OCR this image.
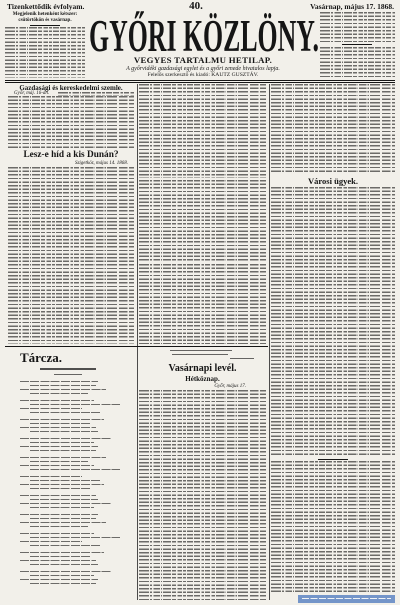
Tizenkettődik évfolyam.	40.	Vasárnap, május 17. 1868.
Megjelenik hetenként kétszer:
csütörtökön és vasárnap. GYŐRI KÖZLÖNY.
VEGYES TARTALMU HETILAP.
A győrvidéki gazdasági egylet és a győri zenede hivatalos lapja.
Felelős szerkesztő és kiadó: KAUTZ GUSZTÁV.
Gazdasági és kereskedelmi szemle.
Győr, máj. 16-án.
Lesz-e híd a kis Dunán?
Szigetköz, május 14. 1868.
Városi ügyek.
Tárcza.
Vasárnapi levél.
Hétköznap.
Győr, május 17.
